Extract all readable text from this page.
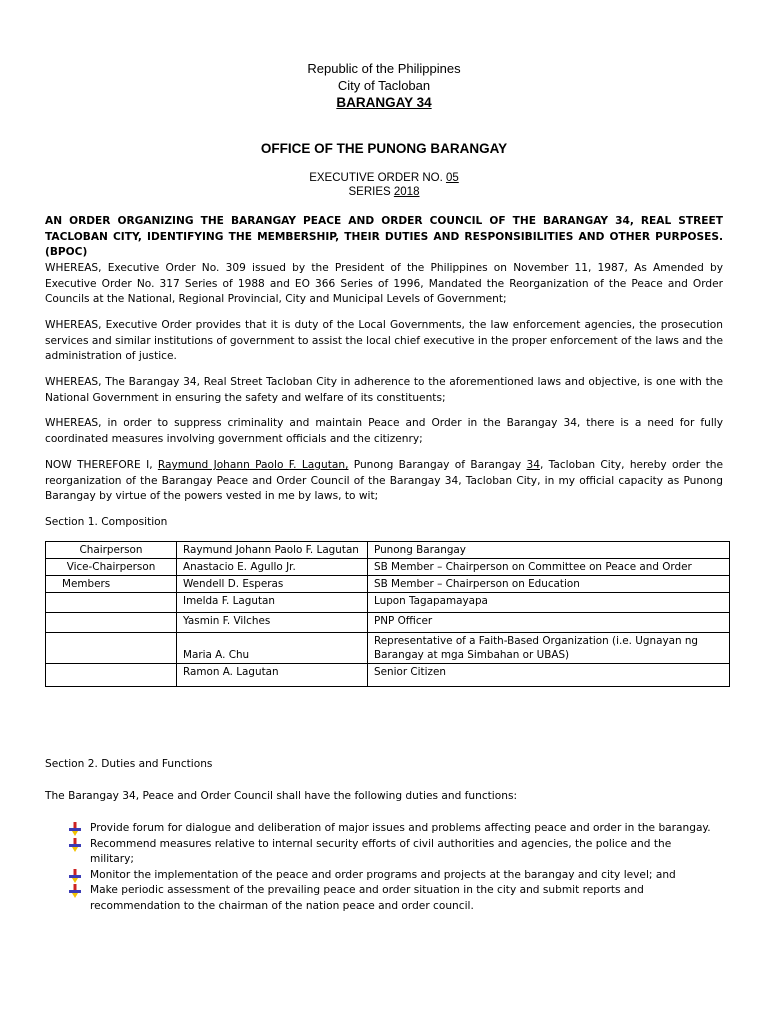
Republic of the Philippines
City of Tacloban
BARANGAY 34
OFFICE OF THE PUNONG BARANGAY
EXECUTIVE ORDER NO. 05
SERIES 2018
AN ORDER ORGANIZING THE BARANGAY PEACE AND ORDER COUNCIL OF THE BARANGAY 34, REAL STREET TACLOBAN CITY, IDENTIFYING THE MEMBERSHIP, THEIR DUTIES AND RESPONSIBILITIES AND OTHER PURPOSES. (BPOC)
WHEREAS, Executive Order No. 309 issued by the President of the Philippines on November 11, 1987, As Amended by Executive Order No. 317 Series of 1988 and EO 366 Series of 1996, Mandated the Reorganization of the Peace and Order Councils at the National, Regional Provincial, City and Municipal Levels of Government;
WHEREAS, Executive Order provides that it is duty of the Local Governments, the law enforcement agencies, the prosecution services and similar institutions of government to assist the local chief executive in the proper enforcement of the laws and the administration of justice.
WHEREAS, The Barangay 34, Real Street Tacloban City in adherence to the aforementioned laws and objective, is one with the National Government in ensuring the safety and welfare of its constituents;
WHEREAS, in order to suppress criminality and maintain Peace and Order in the Barangay 34, there is a need for fully coordinated measures involving government officials and the citizenry;
NOW THEREFORE I, Raymund Johann Paolo F. Lagutan, Punong Barangay of Barangay 34, Tacloban City, hereby order the reorganization of the Barangay Peace and Order Council of the Barangay 34, Tacloban City, in my official capacity as Punong Barangay by virtue of the powers vested in me by laws, to wit;
Section 1. Composition
Chairperson	Raymund Johann Paolo F. Lagutan	Punong Barangay
Vice-Chairperson	Anastacio E. Agullo Jr.	SB Member – Chairperson on Committee on Peace and Order
Members	Wendell D. Esperas	SB Member – Chairperson on Education
	Imelda F. Lagutan	Lupon Tagapamayapa
	Yasmin F. Vilches	PNP Officer
	Maria A. Chu	Representative of a Faith-Based Organization (i.e. Ugnayan ng Barangay at mga Simbahan or UBAS)
	Ramon A. Lagutan	Senior Citizen
Section 2. Duties and Functions
The Barangay 34, Peace and Order Council shall have the following duties and functions:
Provide forum for dialogue and deliberation of major issues and problems affecting peace and order in the barangay.
Recommend measures relative to internal security efforts of civil authorities and agencies, the police and the military;
Monitor the implementation of the peace and order programs and projects at the barangay and city level; and
Make periodic assessment of the prevailing peace and order situation in the city and submit reports and recommendation to the chairman of the nation peace and order council.
